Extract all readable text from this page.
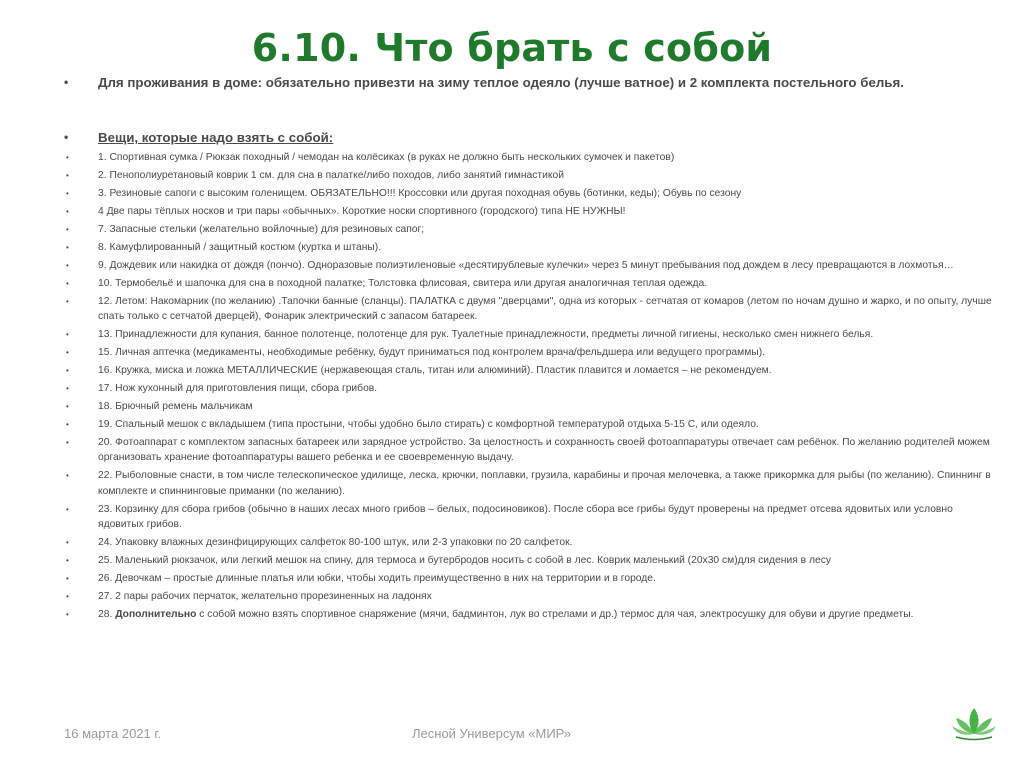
6.10. Что брать с собой
• Для проживания в доме: обязательно привезти на зиму теплое одеяло (лучше ватное) и 2 комплекта постельного белья.
• Вещи, которые надо взять с собой:
•	1. Спортивная сумка / Рюкзак походный / чемодан на колёсиках (в руках не должно быть нескольких сумочек и пакетов)
•	2. Пенополиуретановый коврик 1 см. для сна в палатке/либо походов, либо занятий гимнастикой
•	3. Резиновые сапоги с высоким голенищем. ОБЯЗАТЕЛЬНО!!! Кроссовки или другая походная обувь (ботинки, кеды); Обувь по сезону
•	4 Две пары тёплых носков и три пары «обычных». Короткие носки спортивного (городского) типа НЕ НУЖНЫ!
•	7. Запасные стельки (желательно войлочные) для резиновых сапог;
•	8. Камуфлированный / защитный костюм (куртка и штаны).
•	9. Дождевик или накидка от дождя (пончо). Одноразовые полиэтиленовые «десятирублевые кулечки» через 5 минут пребывания под дождем в лесу превращаются в лохмотья…
•	10. Термобельё и шапочка для сна в походной палатке; Толстовка флисовая, свитера или другая аналогичная теплая одежда.
•	12. Летом: Накомарник (по желанию) .Тапочки банные (сланцы). ПАЛАТКА с двумя "дверцами", одна из которых - сетчатая от комаров (летом по ночам душно и жарко, и по опыту, лучше спать только с сетчатой дверцей), Фонарик электрический с запасом батареек.
•	13. Принадлежности для купания, банное полотенце, полотенце для рук. Туалетные принадлежности, предметы личной гигиены, несколько смен нижнего белья.
•	15. Личная аптечка (медикаменты, необходимые ребёнку, будут приниматься под контролем врача/фельдшера или ведущего программы).
•	16. Кружка, миска и ложка МЕТАЛЛИЧЕСКИЕ (нержавеющая сталь, титан или алюминий). Пластик плавится и ломается – не рекомендуем.
•	17. Нож кухонный для приготовления пищи, сбора грибов.
•	18. Брючный ремень мальчикам
•	19. Спальный мешок с вкладышем (типа простыни, чтобы удобно было стирать) с комфортной температурой отдыха 5-15 С, или одеяло.
•	20. Фотоаппарат с комплектом запасных батареек или зарядное устройство. За целостность и сохранность своей фотоаппаратуры отвечает сам ребёнок. По желанию родителей можем организовать хранение фотоаппаратуры вашего ребенка и ее своевременную выдачу.
•	22. Рыболовные снасти, в том числе телескопическое удилище, леска, крючки, поплавки, грузила, карабины и прочая мелочевка, а также прикормка для рыбы (по желанию). Спиннинг в комплекте и спиннинговые приманки (по желанию).
•	23. Корзинку для сбора грибов (обычно в наших лесах много грибов – белых, подосиновиков). После сбора все грибы будут проверены на предмет отсева ядовитых или условно ядовитых грибов.
•	24. Упаковку влажных дезинфицирующих салфеток 80-100 штук, или 2-3 упаковки по 20 салфеток.
•	25. Маленький рюкзачок, или легкий мешок на спину, для термоса и бутербродов носить с собой в лес. Коврик маленький (20х30 см)для сидения в лесу
•	26. Девочкам – простые длинные платья или юбки, чтобы ходить преимущественно в них на территории и в городе.
•	27. 2 пары рабочих перчаток, желательно прорезиненных на ладонях
•	28. Дополнительно с собой можно взять спортивное снаряжение (мячи, бадминтон, лук во стрелами и др.) термос для чая, электросушку для обуви и другие предметы.
16 марта 2021 г.	Лесной Универсум «МИР»
